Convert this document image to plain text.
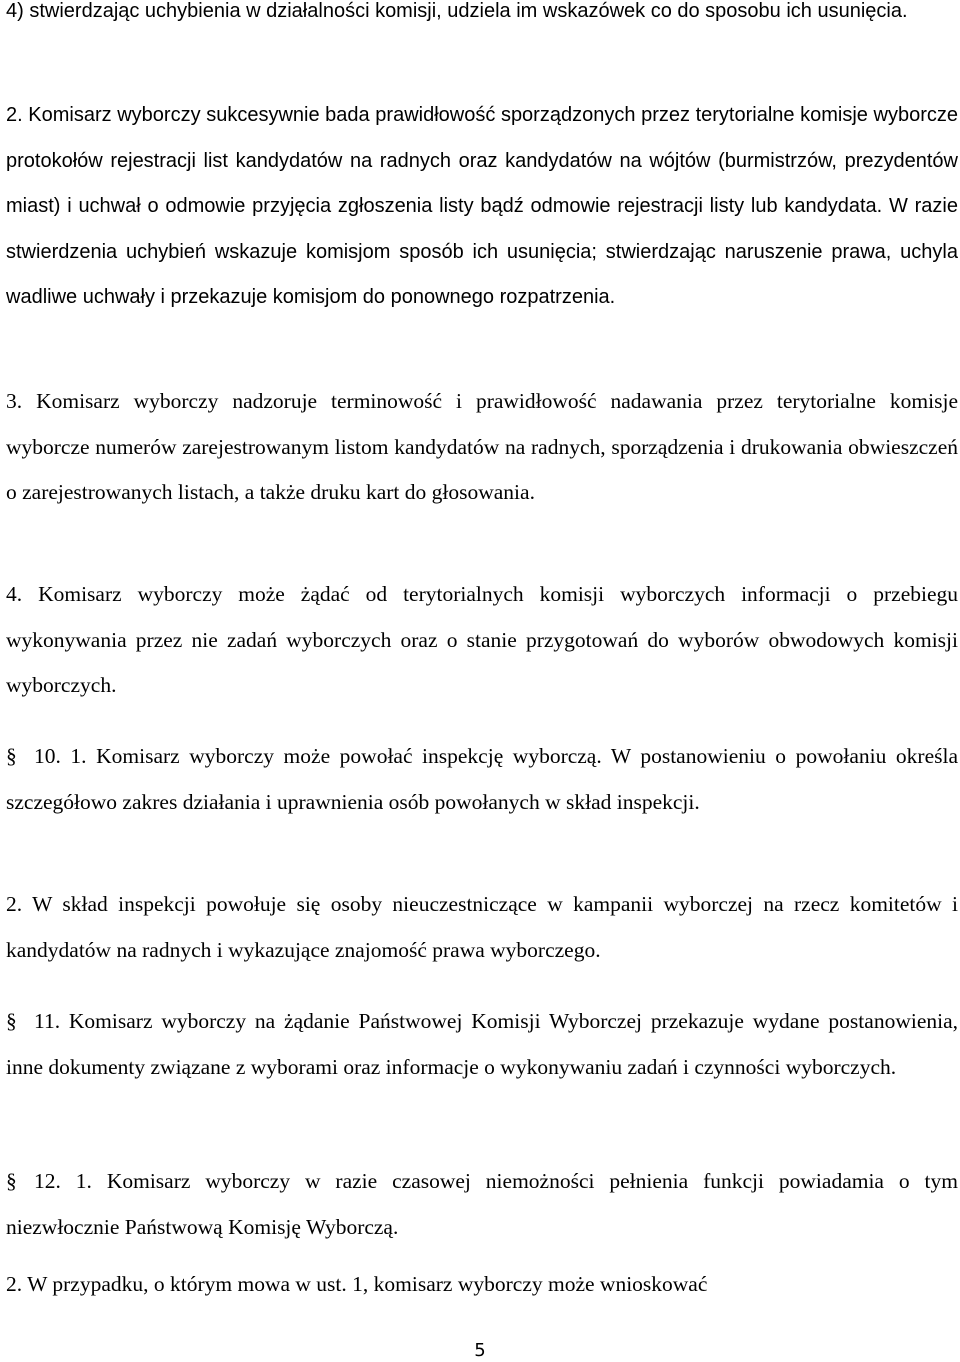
4) stwierdzając uchybienia w działalności komisji, udziela im wskazówek co do sposobu ich usunięcia.

2. Komisarz wyborczy sukcesywnie bada prawidłowość sporządzonych przez terytorialne komisje wyborcze protokołów rejestracji list kandydatów na radnych oraz kandydatów na wójtów (burmistrzów, prezydentów miast) i uchwał o odmowie przyjęcia zgłoszenia listy bądź odmowie rejestracji listy lub kandydata. W razie stwierdzenia uchybień wskazuje komisjom sposób ich usunięcia; stwierdzając naruszenie prawa, uchyla wadliwe uchwały i przekazuje komisjom do ponownego rozpatrzenia.

3. Komisarz wyborczy nadzoruje terminowość i prawidłowość nadawania przez terytorialne komisje wyborcze numerów zarejestrowanym listom kandydatów na radnych, sporządzenia i drukowania obwieszczeń o zarejestrowanych listach, a także druku kart do głosowania.

4. Komisarz wyborczy może żądać od terytorialnych komisji wyborczych informacji o przebiegu wykonywania przez nie zadań wyborczych oraz o stanie przygotowań do wyborów obwodowych komisji wyborczych.

§ 10. 1. Komisarz wyborczy może powołać inspekcję wyborczą. W postanowieniu o powołaniu określa szczegółowo zakres działania i uprawnienia osób powołanych w skład inspekcji.

2. W skład inspekcji powołuje się osoby nieuczestniczące w kampanii wyborczej na rzecz komitetów i kandydatów na radnych i wykazujące znajomość prawa wyborczego.

§ 11. Komisarz wyborczy na żądanie Państwowej Komisji Wyborczej przekazuje wydane postanowienia, inne dokumenty związane z wyborami oraz informacje o wykonywaniu zadań i czynności wyborczych.

§ 12. 1. Komisarz wyborczy w razie czasowej niemożności pełnienia funkcji powiadamia o tym niezwłocznie Państwową Komisję Wyborczą.

2. W przypadku, o którym mowa w ust. 1, komisarz wyborczy może wnioskować

5
